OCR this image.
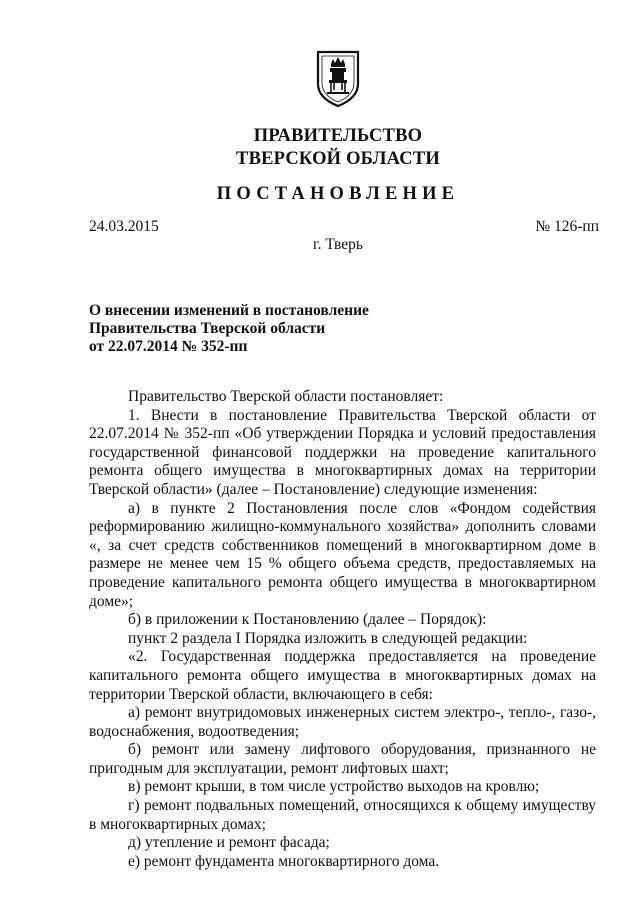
ПРАВИТЕЛЬСТВО
ТВЕРСКОЙ ОБЛАСТИ
ПОСТАНОВЛЕНИЕ
24.03.2015	№ 126-пп
г. Тверь
О внесении изменений в постановление
Правительства Тверской области
от 22.07.2014 № 352-пп

Правительство Тверской области постановляет:

1. Внести в постановление Правительства Тверской области от 22.07.2014 № 352-пп «Об утверждении Порядка и условий предоставления государственной финансовой поддержки на проведение капитального ремонта общего имущества в многоквартирных домах на территории Тверской области» (далее – Постановление) следующие изменения:

а) в пункте 2 Постановления после слов «Фондом содействия реформированию жилищно-коммунального хозяйства» дополнить словами «, за счет средств собственников помещений в многоквартирном доме в размере не менее чем 15 % общего объема средств, предоставляемых на проведение капитального ремонта общего имущества в многоквартирном доме»;

б) в приложении к Постановлению (далее – Порядок):

пункт 2 раздела I Порядка изложить в следующей редакции:

«2. Государственная поддержка предоставляется на проведение капитального ремонта общего имущества в многоквартирных домах на территории Тверской области, включающего в себя:

а) ремонт внутридомовых инженерных систем электро-, тепло-, газо-, водоснабжения, водоотведения;

б) ремонт или замену лифтового оборудования, признанного не пригодным для эксплуатации, ремонт лифтовых шахт;

в) ремонт крыши, в том числе устройство выходов на кровлю;

г) ремонт подвальных помещений, относящихся к общему имуществу в многоквартирных домах;

д) утепление и ремонт фасада;

е) ремонт фундамента многоквартирного дома.
